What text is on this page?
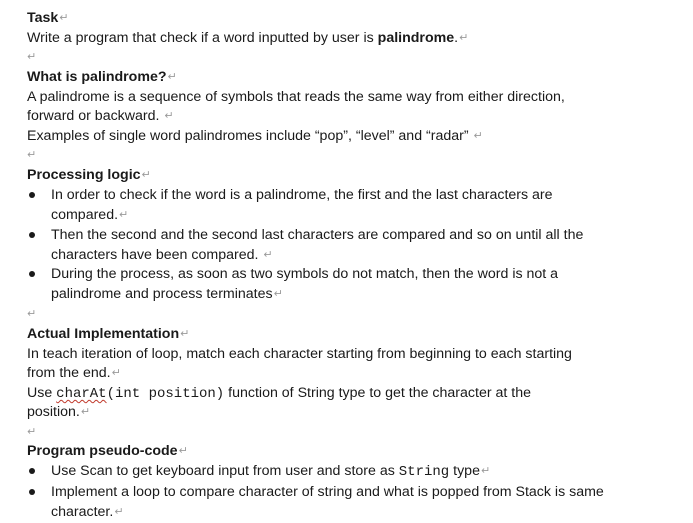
Task↵
Write a program that check if a word inputted by user is palindrome.↵
↵
What is palindrome?↵
A palindrome is a sequence of symbols that reads the same way from either direction,
forward or backward. ↵
Examples of single word palindromes include “pop”, “level” and “radar” ↵
↵
Processing logic↵
In order to check if the word is a palindrome, the first and the last characters are
compared.↵
Then the second and the second last characters are compared and so on until all the
characters have been compared. ↵
During the process, as soon as two symbols do not match, then the word is not a
palindrome and process terminates↵
↵
Actual Implementation↵
In teach iteration of loop, match each character starting from beginning to each starting
from the end.↵
Use charAt(int position) function of String type to get the character at the
position.↵
↵
Program pseudo-code↵
Use Scan to get keyboard input from user and store as String type↵
Implement a loop to compare character of string and what is popped from Stack is same
character.↵
